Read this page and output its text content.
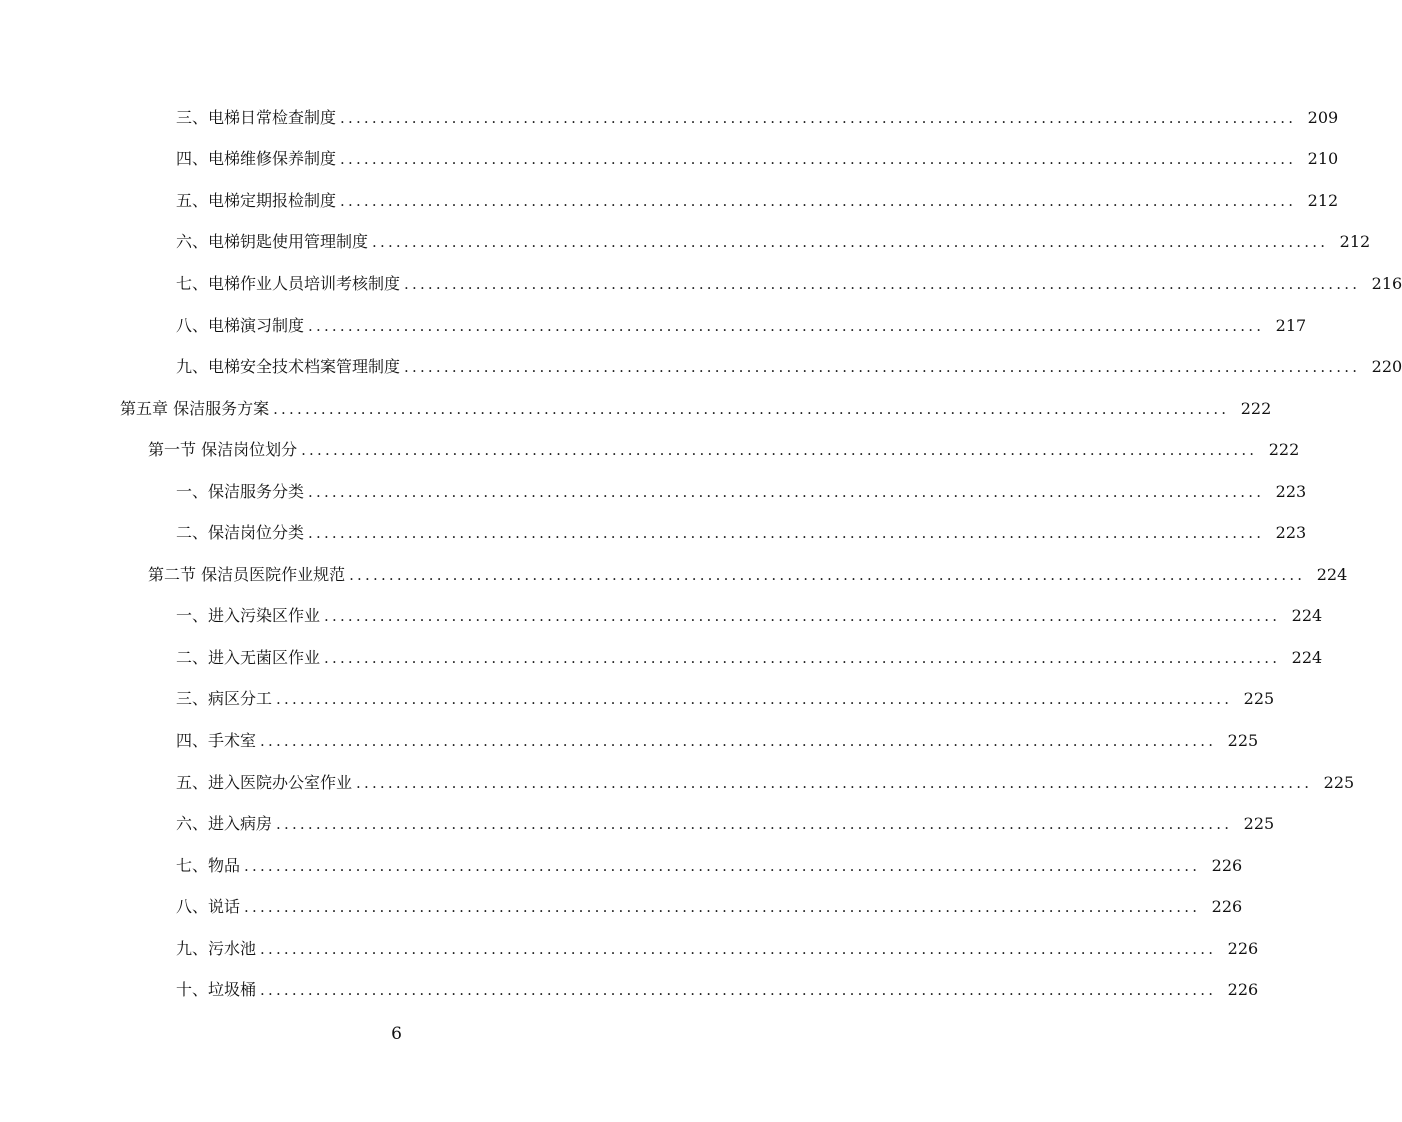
三、电梯日常检查制度 ........................................................................................................................ 209
四、电梯维修保养制度 ........................................................................................................................ 210
五、电梯定期报检制度 ........................................................................................................................ 212
六、电梯钥匙使用管理制度 ........................................................................................................................ 212
七、电梯作业人员培训考核制度 ........................................................................................................................ 216
八、电梯演习制度 ........................................................................................................................ 217
九、电梯安全技术档案管理制度 ........................................................................................................................ 220
第五章 保洁服务方案 ........................................................................................................................ 222
第一节 保洁岗位划分 ........................................................................................................................ 222
一、保洁服务分类 ........................................................................................................................ 223
二、保洁岗位分类 ........................................................................................................................ 223
第二节 保洁员医院作业规范 ........................................................................................................................ 224
一、进入污染区作业 ........................................................................................................................ 224
二、进入无菌区作业 ........................................................................................................................ 224
三、病区分工 ........................................................................................................................ 225
四、手术室 ........................................................................................................................ 225
五、进入医院办公室作业 ........................................................................................................................ 225
六、进入病房 ........................................................................................................................ 225
七、物品 ........................................................................................................................ 226
八、说话 ........................................................................................................................ 226
九、污水池 ........................................................................................................................ 226
十、垃圾桶 ........................................................................................................................ 226
6
